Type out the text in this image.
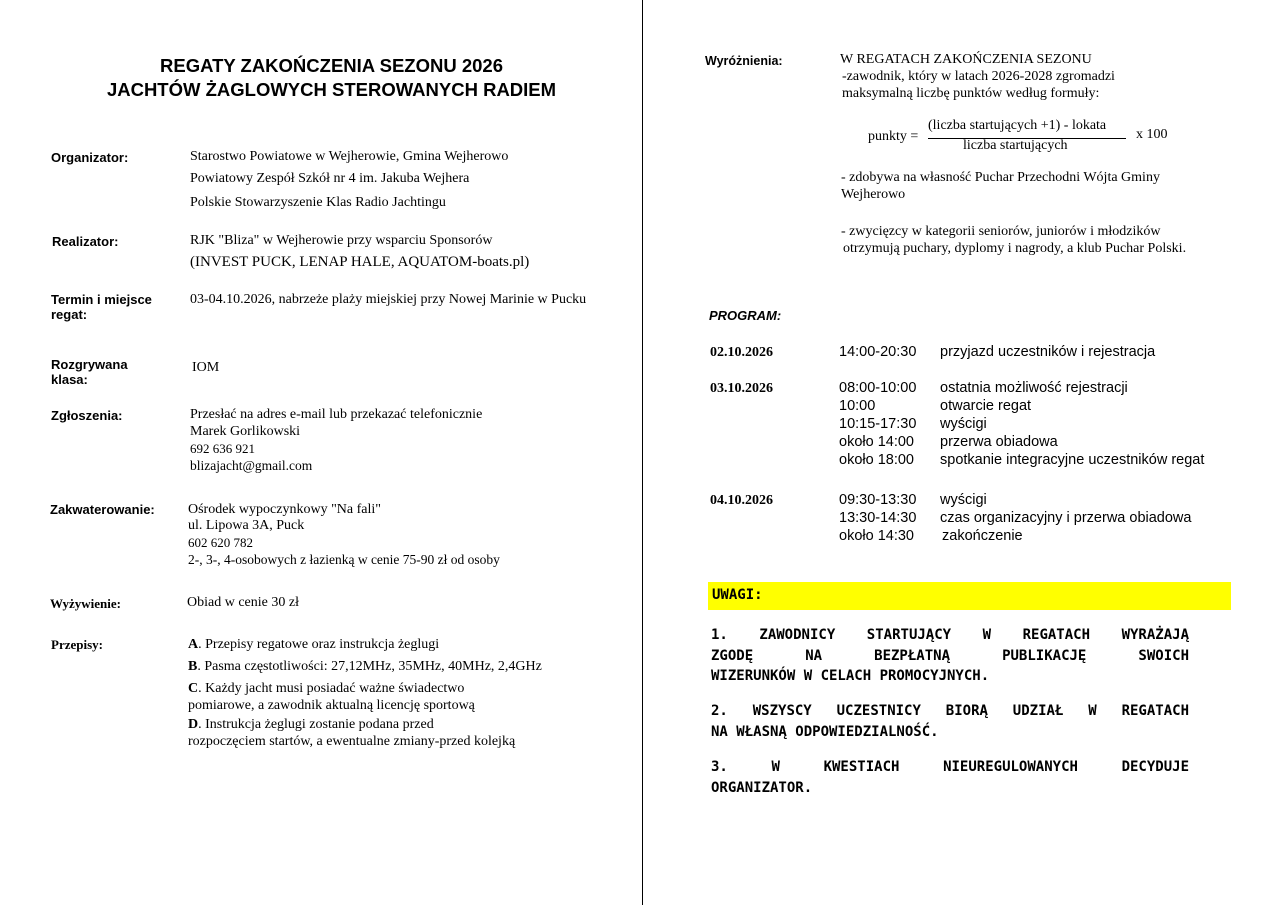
REGATY ZAKOŃCZENIA SEZONU 2026
JACHTÓW ŻAGLOWYCH STEROWANYCH RADIEM
Organizator:	Starostwo Powiatowe w Wejherowie, Gmina Wejherowo
Powiatowy Zespół Szkół nr 4 im. Jakuba Wejhera
Polskie Stowarzyszenie Klas Radio Jachtingu
Realizator:	RJK "Bliza" w Wejherowie przy wsparciu Sponsorów
(INVEST PUCK, LENAP HALE, AQUATOM-boats.pl)
Termin i miejsce
regat:
03-04.10.2026, nabrzeże plaży miejskiej przy Nowej Marinie w Pucku
Rozgrywana
klasa:
IOM
Zgłoszenia:	Przesłać na adres e-mail lub przekazać telefonicznie
Marek Gorlikowski
692 636 921
blizajacht@gmail.com
Zakwaterowanie: Ośrodek wypoczynkowy "Na fali"
ul. Lipowa 3A, Puck
602 620 782
2-, 3-, 4-osobowych z łazienką w cenie 75-90 zł od osoby
Wyżywienie:	Obiad w cenie 30 zł
Przepisy:	A. Przepisy regatowe oraz instrukcja żeglugi
B. Pasma częstotliwości: 27,12MHz, 35MHz, 40MHz, 2,4GHz
C. Każdy jacht musi posiadać ważne świadectwo
pomiarowe, a zawodnik aktualną licencję sportową
D. Instrukcja żeglugi zostanie podana przed
rozpoczęciem startów, a ewentualne zmiany-przed kolejką
Wyróżnienia:	W REGATACH ZAKOŃCZENIA SEZONU
-zawodnik, który w latach 2026-2028 zgromadzi
maksymalną liczbę punktów według formuły:
punkty =
(liczba startujących +1) - lokata
liczba startujących
x 100
- zdobywa na własność Puchar Przechodni Wójta Gminy
Wejherowo
- zwycięzcy w kategorii seniorów, juniorów i młodzików
otrzymują puchary, dyplomy i nagrody, a klub Puchar Polski.
PROGRAM:
02.10.2026	14:00-20:30 przyjazd uczestników i rejestracja
03.10.2026	08:00-10:00 ostatnia możliwość rejestracji
10:00	otwarcie regat
10:15-17:30 wyścigi
około 14:00 przerwa obiadowa
około 18:00 spotkanie integracyjne uczestników regat
04.10.2026	09:30-13:30 wyścigi
13:30-14:30 czas organizacyjny i przerwa obiadowa
około 14:30 zakończenie
UWAGI:
1. ZAWODNICY STARTUJĄCY W REGATACH WYRAŻAJĄ
ZGODĘ NA BEZPŁATNĄ PUBLIKACJĘ SWOICH
WIZERUNKÓW W CELACH PROMOCYJNYCH.
2. WSZYSCY UCZESTNICY BIORĄ UDZIAŁ W REGATACH
NA WŁASNĄ ODPOWIEDZIALNOŚĆ.
3. W KWESTIACH NIEUREGULOWANYCH DECYDUJE
ORGANIZATOR.
